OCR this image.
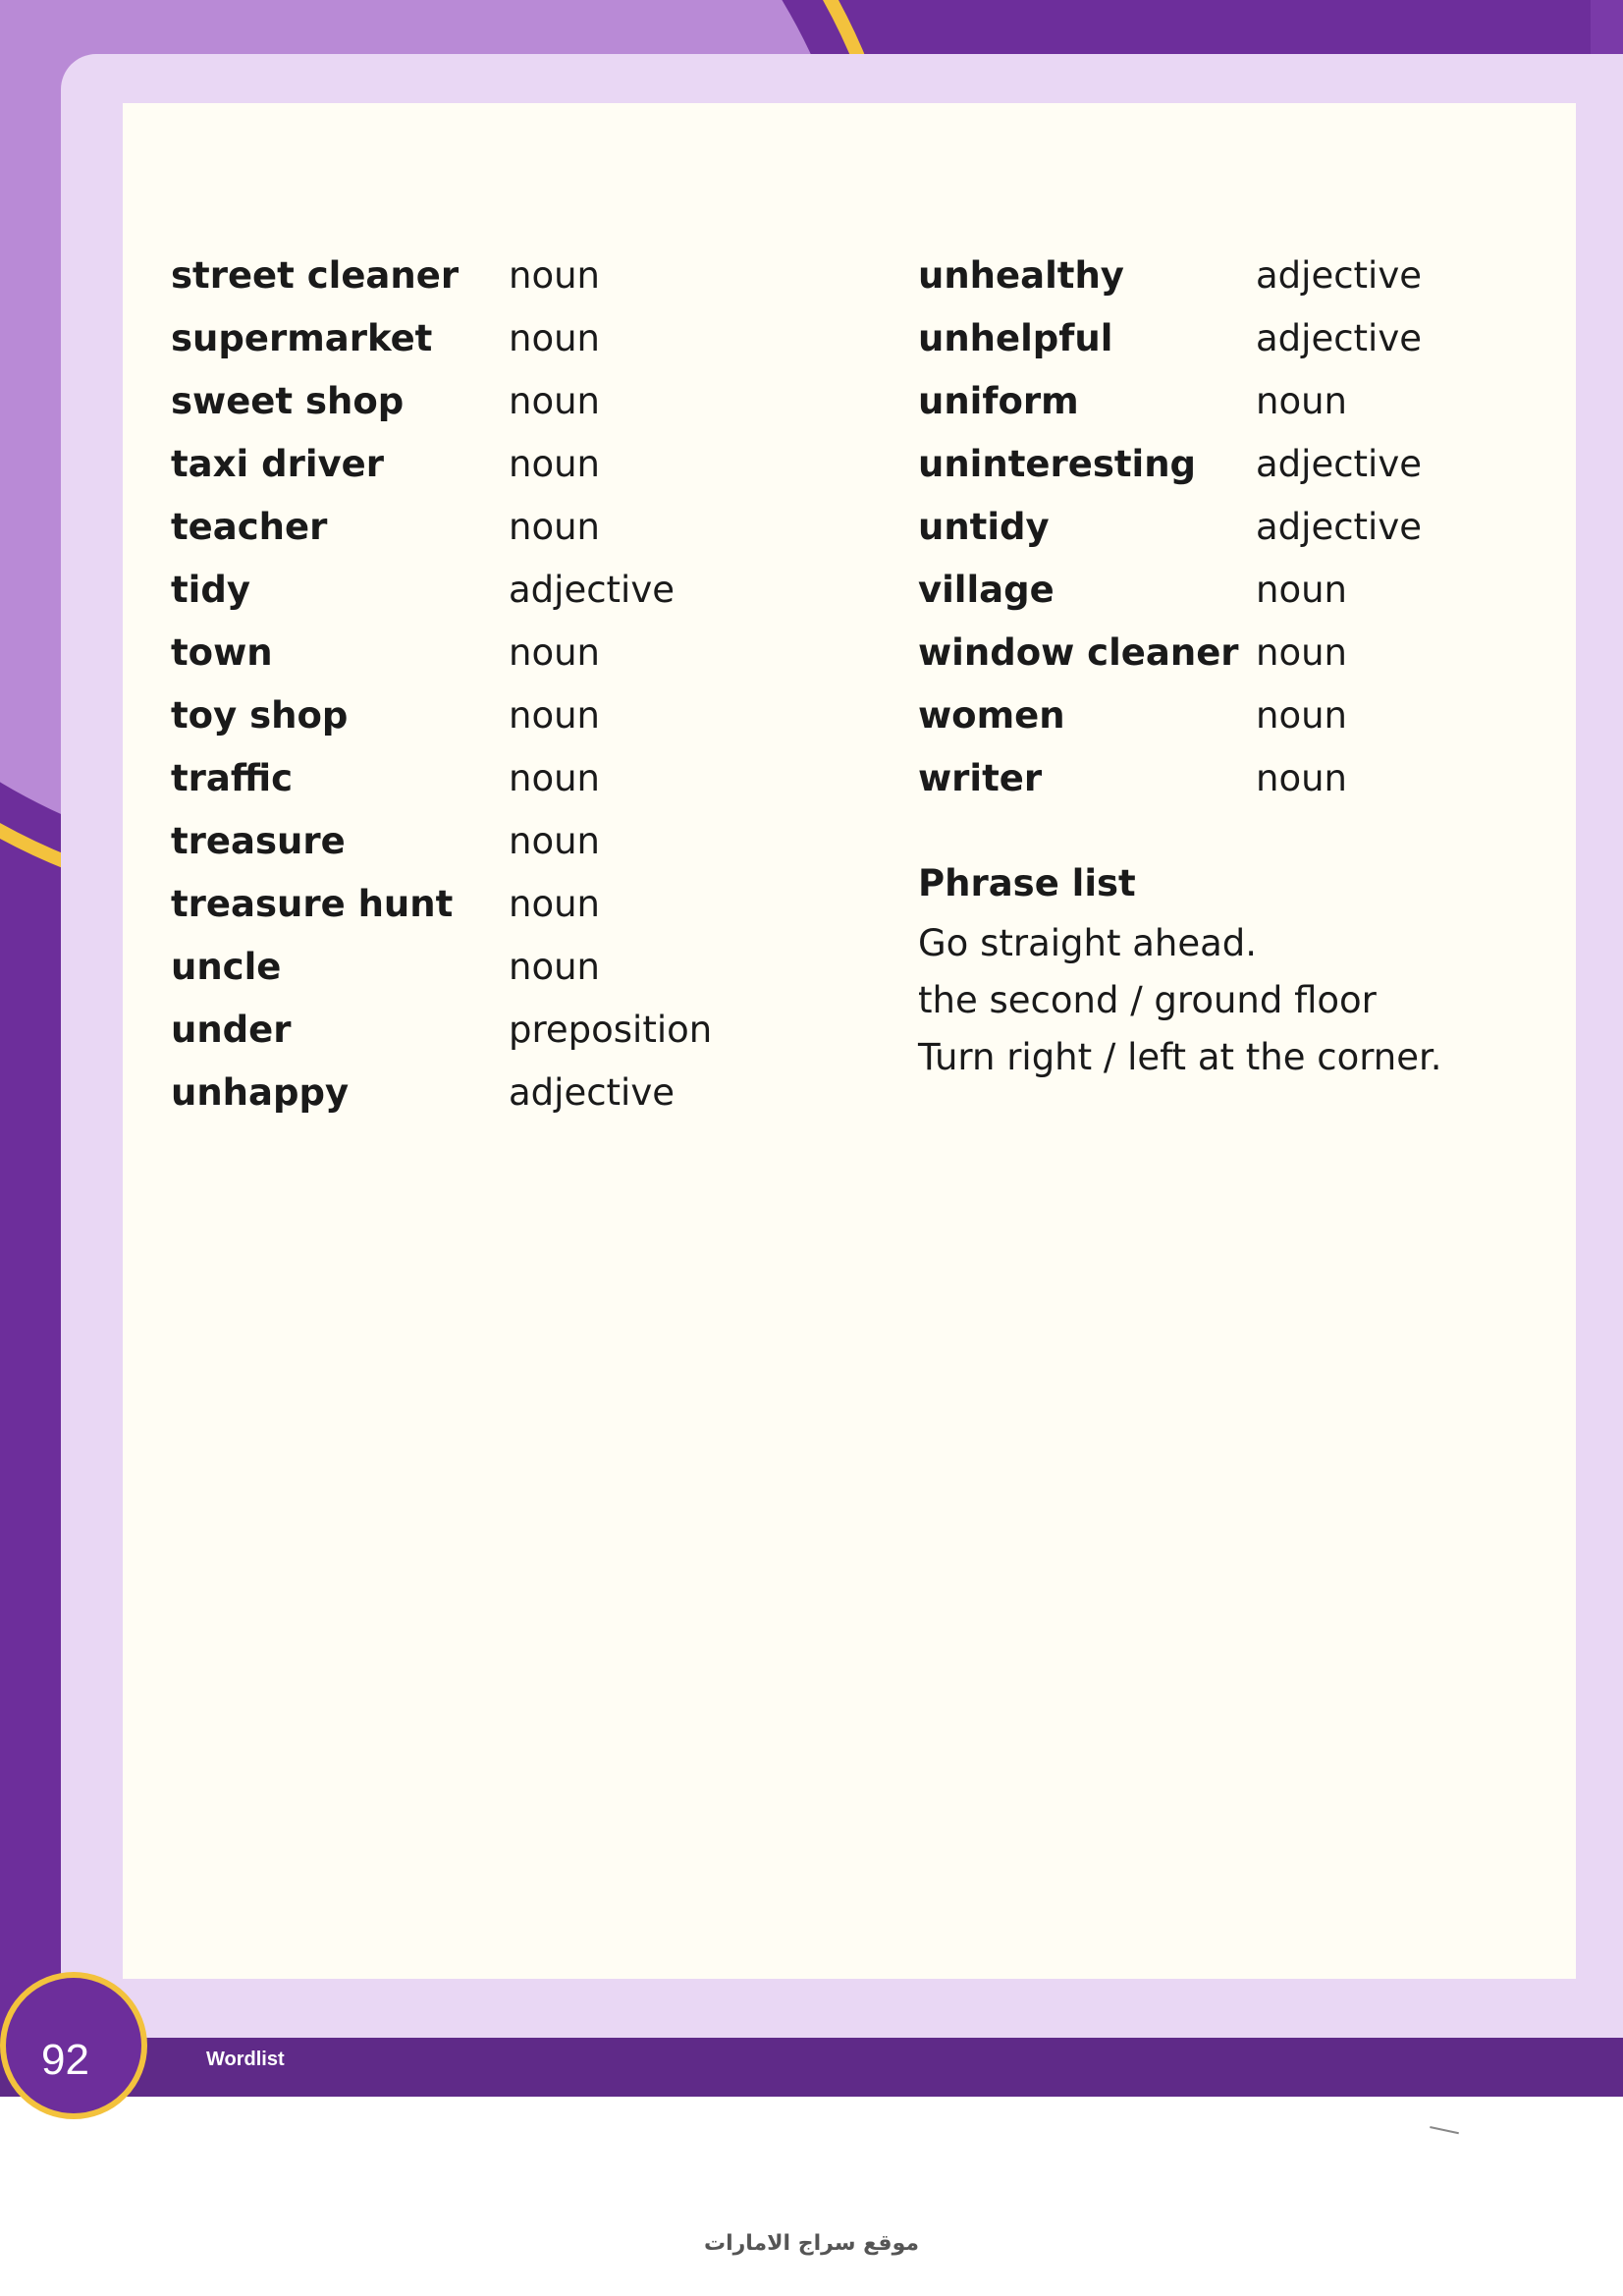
92	Wordlist
street cleaner	noun
supermarket	noun
sweet shop	noun
taxi driver	noun
teacher	noun
tidy	adjective
town	noun
toy shop	noun
traffic	noun
treasure	noun
treasure hunt	noun
uncle	noun
under	preposition
unhappy	adjective
unhealthy	adjective
unhelpful	adjective
uniform	noun
uninteresting	adjective
untidy	adjective
village	noun
window cleaner noun
women	noun
writer	noun
Phrase list
Go straight ahead.
the second / ground floor
Turn right / left at the corner.
موقع سراج الامارات
